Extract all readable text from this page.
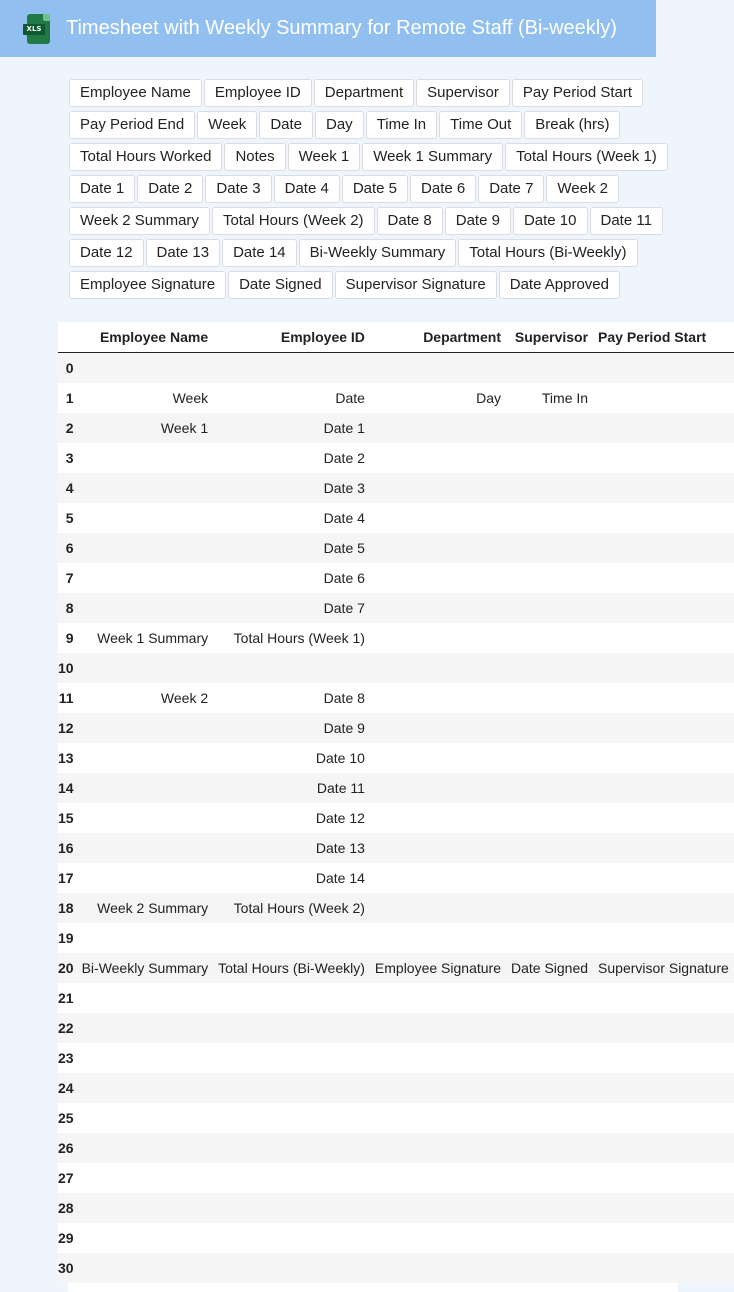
XLS Timesheet with Weekly Summary for Remote Staff (Bi-weekly)
Employee Name	Employee ID	Department	Supervisor	Pay Period Start
Pay Period End	Week	Date	Day	Time In	Time Out	Break (hrs)
Total Hours Worked	Notes	Week 1	Week 1 Summary	Total Hours (Week 1)
Date 1	Date 2	Date 3	Date 4	Date 5	Date 6	Date 7	Week 2
Week 2 Summary	Total Hours (Week 2)	Date 8	Date 9	Date 10	Date 11
Date 12	Date 13	Date 14	Bi-Weekly Summary	Total Hours (Bi-Weekly)
Employee Signature	Date Signed	Supervisor Signature	Date Approved
	Employee Name	Employee ID	Department	Supervisor	Pay Period Start
0					
1	Week	Date	Day	Time In	
2	Week 1	Date 1			
3		Date 2			
4		Date 3			
5		Date 4			
6		Date 5			
7		Date 6			
8		Date 7			
9	Week 1 Summary	Total Hours (Week 1)			
10					
11	Week 2	Date 8			
12		Date 9			
13		Date 10			
14		Date 11			
15		Date 12			
16		Date 13			
17		Date 14			
18	Week 2 Summary	Total Hours (Week 2)			
19					
20	Bi-Weekly Summary	Total Hours (Bi-Weekly)	Employee Signature	Date Signed	Supervisor Signature
21					
22					
23					
24					
25					
26					
27					
28					
29					
30					
